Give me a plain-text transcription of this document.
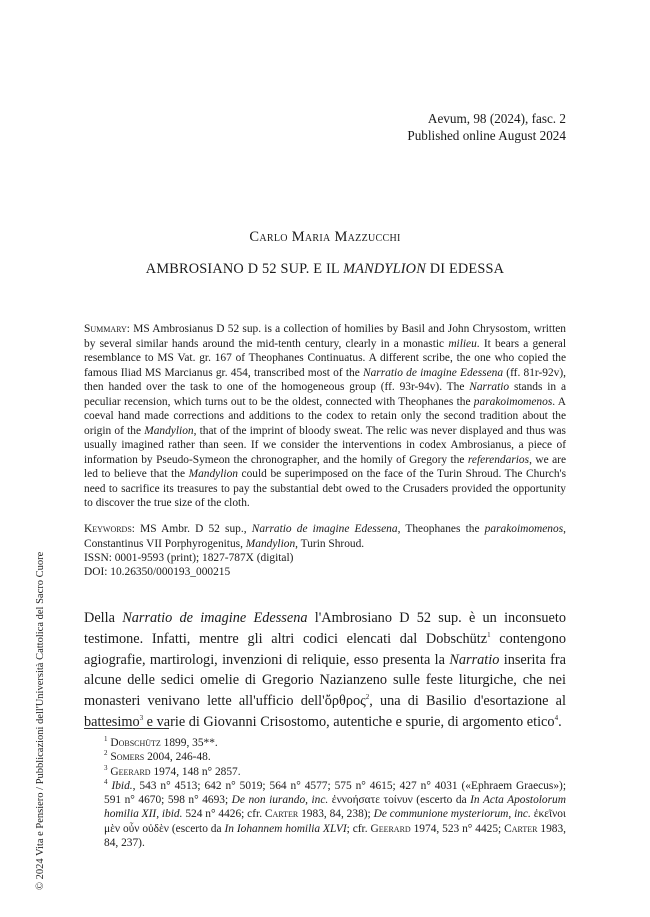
© 2024 Vita e Pensiero / Pubblicazioni dell'Università Cattolica del Sacro Cuore
Aevum, 98 (2024), fasc. 2
Published online August 2024
Carlo Maria Mazzucchi
AMBROSIANO D 52 SUP. E IL MANDYLION DI EDESSA

Summary: MS Ambrosianus D 52 sup. is a collection of homilies by Basil and John Chrysostom, written by several similar hands around the mid-tenth century, clearly in a monastic milieu. It bears a general resemblance to MS Vat. gr. 167 of Theophanes Continuatus. A different scribe, the one who copied the famous Iliad MS Marcianus gr. 454, transcribed most of the Narratio de imagine Edessena (ff. 81r-92v), then handed over the task to one of the homogeneous group (ff. 93r-94v). The Narratio stands in a peculiar recension, which turns out to be the oldest, connected with Theophanes the parakoimomenos. A coeval hand made corrections and additions to the codex to retain only the second tradition about the origin of the Mandylion, that of the imprint of bloody sweat. The relic was never displayed and thus was usually imagined rather than seen. If we consider the interventions in codex Ambrosianus, a piece of information by Pseudo-Symeon the chronographer, and the homily of Gregory the referendarios, we are led to believe that the Mandylion could be superimposed on the face of the Turin Shroud. The Church's need to sacrifice its treasures to pay the substantial debt owed to the Crusaders provided the opportunity to discover the true size of the cloth.

Keywords: MS Ambr. D 52 sup., Narratio de imagine Edessena, Theophanes the parakoimomenos, Constantinus VII Porphyrogenitus, Mandylion, Turin Shroud.

ISSN: 0001-9593 (print); 1827-787X (digital)
DOI: 10.26350/000193_000215

Della Narratio de imagine Edessena l'Ambrosiano D 52 sup. è un inconsueto testimone. Infatti, mentre gli altri codici elencati dal Dobschütz$^1$ contengono agiografie, martirologi, invenzioni di reliquie, esso presenta la Narratio inserita fra alcune delle sedici omelie di Gregorio Nazianzeno sulle feste liturgiche, che nei monasteri venivano lette all'ufficio dell'ὄρθρος$^2$, una di Basilio d'esortazione al battesimo$^3$ e varie di Giovanni Crisostomo, autentiche e spurie, di argomento etico$^4$.

$^1$ Dobschütz 1899, 35**.

$^2$ Somers 2004, 246-48.

$^3$ Geerard 1974, 148 n° 2857.

$^4$ Ibid., 543 n° 4513; 642 n° 5019; 564 n° 4577; 575 n° 4615; 427 n° 4031 («Ephraem Graecus»); 591 n° 4670; 598 n° 4693; De non iurando, inc. ἐννοήσατε τοίνυν (escerto da In Acta Apostolorum homilia XII, ibid. 524 n° 4426; cfr. Carter 1983, 84, 238); De communione mysteriorum, inc. ἐκεῖνοι μὲν οὖν οὐδὲν (escerto da In Iohannem homilia XLVI; cfr. Geerard 1974, 523 n° 4425; Carter 1983, 84, 237).
